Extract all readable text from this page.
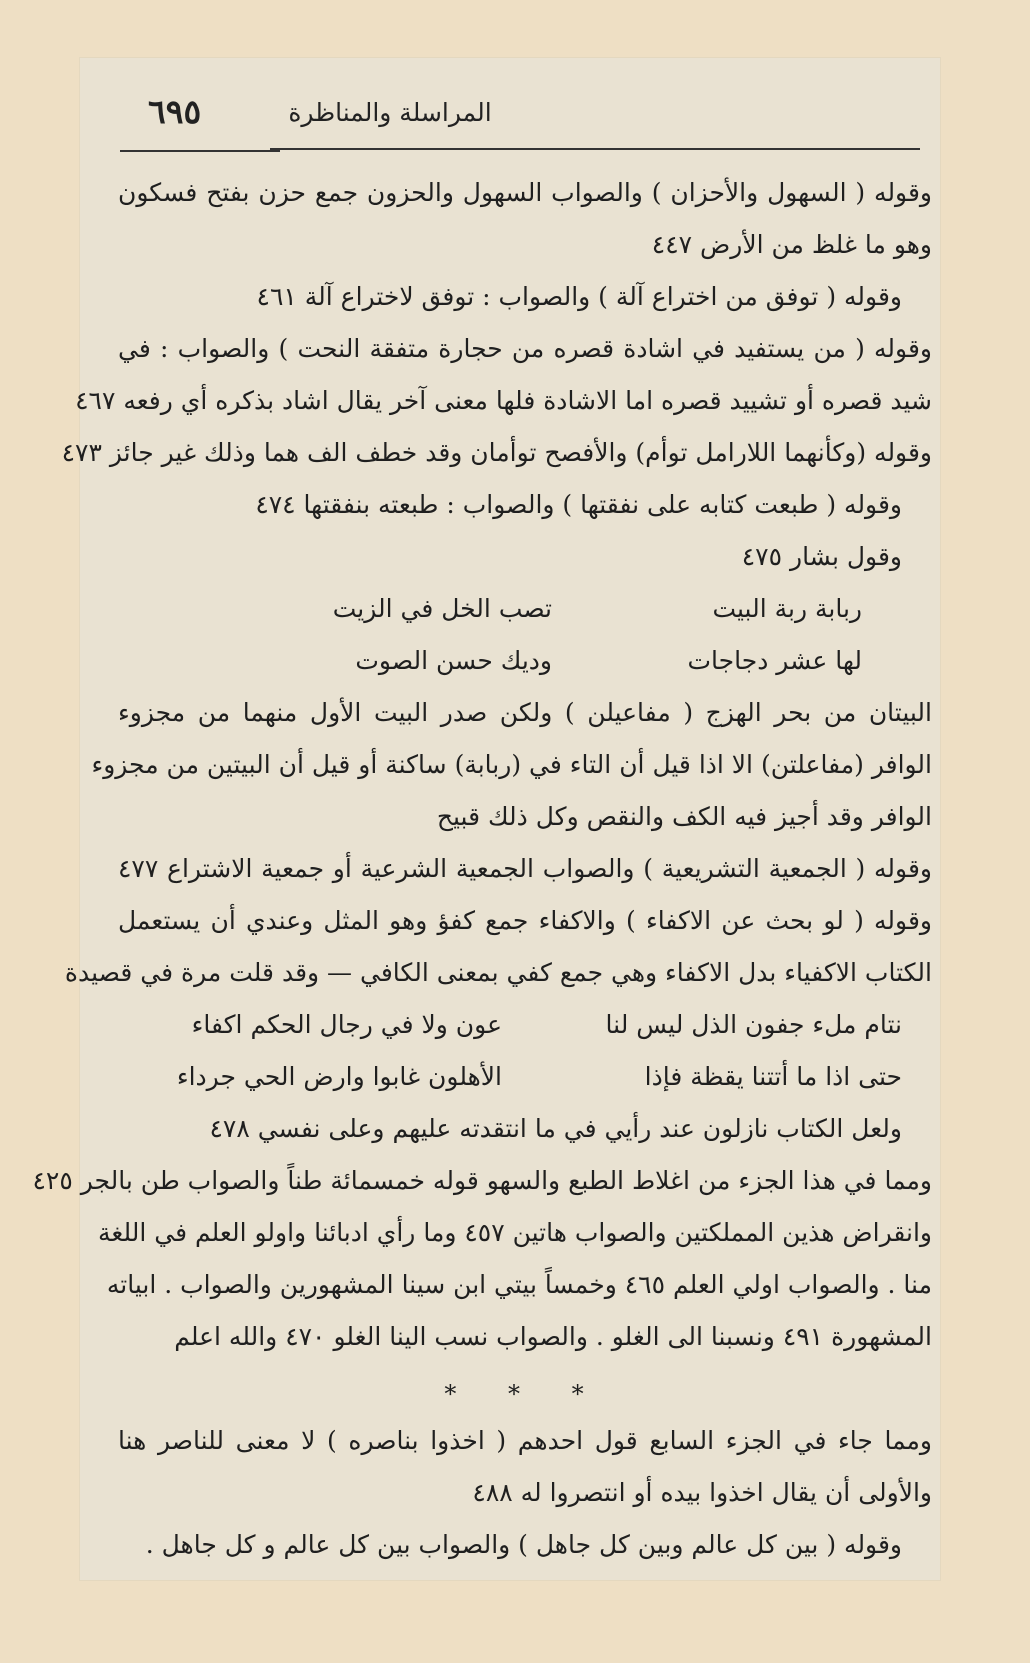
٦٩٥	المراسلة والمناظرة
وقوله ( السهول والأحزان ) والصواب السهول والحزون جمع حزن بفتح فسكون
وهو ما غلظ من الأرض ٤٤٧
وقوله ( توفق من اختراع آلة ) والصواب : توفق لاختراع آلة ٤٦١
وقوله ( من يستفيد في اشادة قصره من حجارة متفقة النحت ) والصواب : في
شيد قصره أو تشييد قصره اما الاشادة فلها معنى آخر يقال اشاد بذكره أي رفعه ٤٦٧
وقوله (وكأنهما اللارامل توأم) والأفصح توأمان وقد خطف الف هما وذلك غير جائز ٤٧٣
وقوله ( طبعت كتابه على نفقتها ) والصواب : طبعته بنفقتها ٤٧٤
وقول بشار ٤٧٥
ربابة ربة البيت
تصب الخل في الزيت
لها عشر دجاجات
وديك حسن الصوت
البيتان من بحر الهزج ( مفاعيلن ) ولكن صدر البيت الأول منهما من مجزوء
الوافر (مفاعلتن) الا اذا قيل أن التاء في (ربابة) ساكنة أو قيل أن البيتين من مجزوء
الوافر وقد أجيز فيه الكف والنقص وكل ذلك قبيح
وقوله ( الجمعية التشريعية ) والصواب الجمعية الشرعية أو جمعية الاشتراع ٤٧٧
وقوله ( لو بحث عن الاكفاء ) والاكفاء جمع كفؤ وهو المثل وعندي أن يستعمل
الكتاب الاكفياء بدل الاكفاء وهي جمع كفي بمعنى الكافي — وقد قلت مرة في قصيدة
نتام ملء جفون الذل ليس لنا
عون ولا في رجال الحكم اكفاء
حتى اذا ما أتتنا يقظة فإذا
الأهلون غابوا وارض الحي جرداء
ولعل الكتاب نازلون عند رأيي في ما انتقدته عليهم وعلى نفسي ٤٧٨
ومما في هذا الجزء من اغلاط الطبع والسهو قوله خمسمائة طناً والصواب طن بالجر ٤٢٥
وانقراض هذين المملكتين والصواب هاتين ٤٥٧ وما رأي ادبائنا واولو العلم في اللغة
منا . والصواب اولي العلم ٤٦٥ وخمساً بيتي ابن سينا المشهورين والصواب . ابياته
المشهورة ٤٩١ ونسبنا الى الغلو . والصواب نسب الينا الغلو ٤٧٠ والله اعلم
* * *
ومما جاء في الجزء السابع قول احدهم ( اخذوا بناصره ) لا معنى للناصر هنا
والأولى أن يقال اخذوا بيده أو انتصروا له ٤٨٨
وقوله ( بين كل عالم وبين كل جاهل ) والصواب بين كل عالم و كل جاهل .
